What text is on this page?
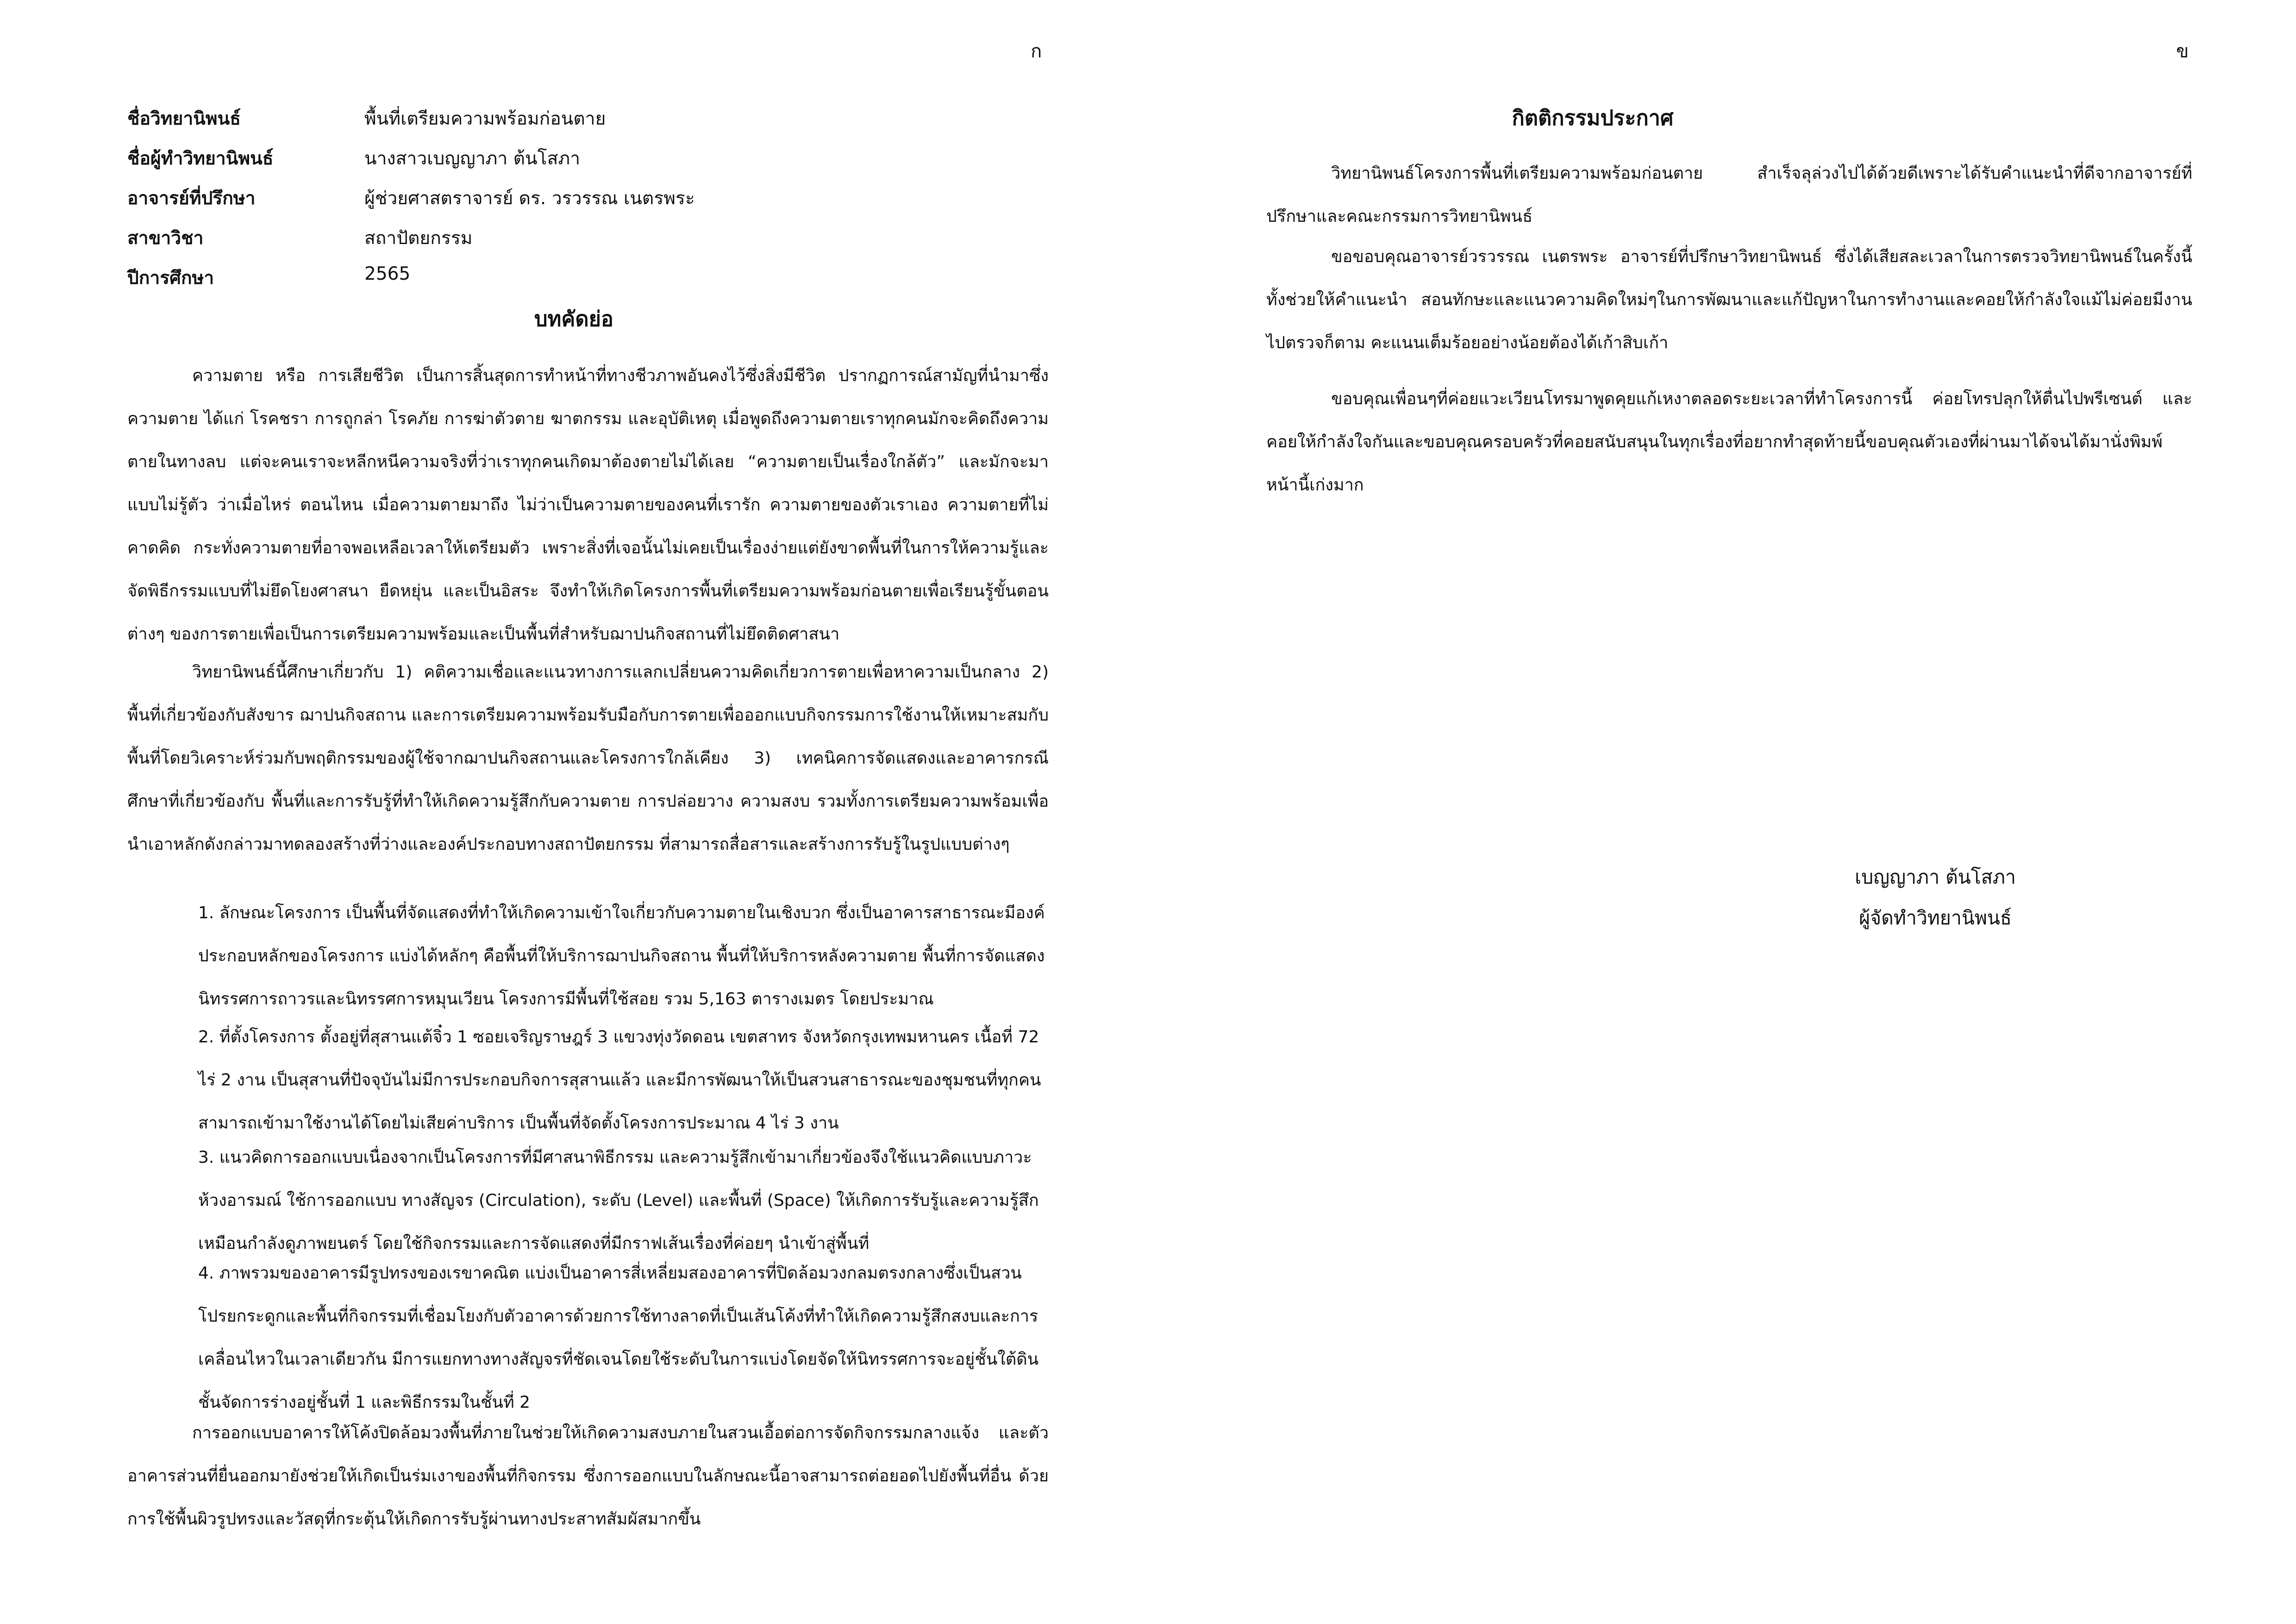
ก
ชื่อวิทยานิพนธ์	พื้นที่เตรียมความพร้อมก่อนตาย
ชื่อผู้ทำวิทยานิพนธ์	นางสาวเบญญาภา ต้นโสภา
อาจารย์ที่ปรึกษา	ผู้ช่วยศาสตราจารย์ ดร. วรวรรณ เนตรพระ
สาขาวิชา	สถาปัตยกรรม
ปีการศึกษา	2565
บทคัดย่อ

ความตาย หรือ การเสียชีวิต เป็นการสิ้นสุดการทำหน้าที่ทางชีวภาพอันคงไว้ซึ่งสิ่งมีชีวิต ปรากฏการณ์สามัญที่นำมาซึ่งความตาย ได้แก่ โรคชรา การถูกล่า โรคภัย การฆ่าตัวตาย ฆาตกรรม และอุบัติเหตุ เมื่อพูดถึงความตายเราทุกคนมักจะคิดถึงความตายในทางลบ แต่จะคนเราจะหลีกหนีความจริงที่ว่าเราทุกคนเกิดมาต้องตายไม่ได้เลย “ความตายเป็นเรื่องใกล้ตัว” และมักจะมาแบบไม่รู้ตัว ว่าเมื่อไหร่ ตอนไหน เมื่อความตายมาถึง ไม่ว่าเป็นความตายของคนที่เรารัก ความตายของตัวเราเอง ความตายที่ไม่คาดคิด กระทั่งความตายที่อาจพอเหลือเวลาให้เตรียมตัว เพราะสิ่งที่เจอนั้นไม่เคยเป็นเรื่องง่ายแต่ยังขาดพื้นที่ในการให้ความรู้และจัดพิธีกรรมแบบที่ไม่ยึดโยงศาสนา ยืดหยุ่น และเป็นอิสระ จึงทำให้เกิดโครงการพื้นที่เตรียมความพร้อมก่อนตายเพื่อเรียนรู้ขั้นตอนต่างๆ ของการตายเพื่อเป็นการเตรียมความพร้อมและเป็นพื้นที่สำหรับฌาปนกิจสถานที่ไม่ยึดติดศาสนา

วิทยานิพนธ์นี้ศึกษาเกี่ยวกับ 1) คติความเชื่อและแนวทางการแลกเปลี่ยนความคิดเกี่ยวการตายเพื่อหาความเป็นกลาง 2) พื้นที่เกี่ยวข้องกับสังขาร ฌาปนกิจสถาน และการเตรียมความพร้อมรับมือกับการตายเพื่อออกแบบกิจกรรมการใช้งานให้เหมาะสมกับพื้นที่โดยวิเคราะห์ร่วมกับพฤติกรรมของผู้ใช้จากฌาปนกิจสถานและโครงการใกล้เคียง 3) เทคนิคการจัดแสดงและอาคารกรณีศึกษาที่เกี่ยวข้องกับ พื้นที่และการรับรู้ที่ทำให้เกิดความรู้สึกกับความตาย การปล่อยวาง ความสงบ รวมทั้งการเตรียมความพร้อมเพื่อนำเอาหลักดังกล่าวมาทดลองสร้างที่ว่างและองค์ประกอบทางสถาปัตยกรรม ที่สามารถสื่อสารและสร้างการรับรู้ในรูปแบบต่างๆ

1. ลักษณะโครงการ เป็นพื้นที่จัดแสดงที่ทำให้เกิดความเข้าใจเกี่ยวกับความตายในเชิงบวก ซึ่งเป็นอาคารสาธารณะมีองค์ประกอบหลักของโครงการ แบ่งได้หลักๆ คือพื้นที่ให้บริการฌาปนกิจสถาน พื้นที่ให้บริการหลังความตาย พื้นที่การจัดแสดงนิทรรศการถาวรและนิทรรศการหมุนเวียน โครงการมีพื้นที่ใช้สอย รวม 5,163 ตารางเมตร โดยประมาณ
2. ที่ตั้งโครงการ ตั้งอยู่ที่สุสานแต้จิ๋ว 1 ซอยเจริญราษฎร์ 3 แขวงทุ่งวัดดอน เขตสาทร จังหวัดกรุงเทพมหานคร เนื้อที่ 72 ไร่ 2 งาน เป็นสุสานที่ปัจจุบันไม่มีการประกอบกิจการสุสานแล้ว และมีการพัฒนาให้เป็นสวนสาธารณะของชุมชนที่ทุกคนสามารถเข้ามาใช้งานได้โดยไม่เสียค่าบริการ เป็นพื้นที่จัดตั้งโครงการประมาณ 4 ไร่ 3 งาน
3. แนวคิดการออกแบบเนื่องจากเป็นโครงการที่มีศาสนาพิธีกรรม และความรู้สึกเข้ามาเกี่ยวข้องจึงใช้แนวคิดแบบภาวะห้วงอารมณ์ ใช้การออกแบบ ทางสัญจร (Circulation), ระดับ (Level) และพื้นที่ (Space) ให้เกิดการรับรู้และความรู้สึกเหมือนกำลังดูภาพยนตร์ โดยใช้กิจกรรมและการจัดแสดงที่มีกราฟเส้นเรื่องที่ค่อยๆ นำเข้าสู่พื้นที่
4. ภาพรวมของอาคารมีรูปทรงของเรขาคณิต แบ่งเป็นอาคารสี่เหลี่ยมสองอาคารที่ปิดล้อมวงกลมตรงกลางซึ่งเป็นสวนโปรยกระดูกและพื้นที่กิจกรรมที่เชื่อมโยงกับตัวอาคารด้วยการใช้ทางลาดที่เป็นเส้นโค้งที่ทำให้เกิดความรู้สึกสงบและการเคลื่อนไหวในเวลาเดียวกัน มีการแยกทางทางสัญจรที่ชัดเจนโดยใช้ระดับในการแบ่งโดยจัดให้นิทรรศการจะอยู่ชั้นใต้ดิน ชั้นจัดการร่างอยู่ชั้นที่ 1 และพิธีกรรมในชั้นที่ 2

การออกแบบอาคารให้โค้งปิดล้อมวงพื้นที่ภายในช่วยให้เกิดความสงบภายในสวนเอื้อต่อการจัดกิจกรรมกลางแจ้ง และตัวอาคารส่วนที่ยื่นออกมายังช่วยให้เกิดเป็นร่มเงาของพื้นที่กิจกรรม ซึ่งการออกแบบในลักษณะนี้อาจสามารถต่อยอดไปยังพื้นที่อื่น ด้วยการใช้พื้นผิวรูปทรงและวัสดุที่กระตุ้นให้เกิดการรับรู้ผ่านทางประสาทสัมผัสมากขึ้น

ข
กิตติกรรมประกาศ

วิทยานิพนธ์โครงการพื้นที่เตรียมความพร้อมก่อนตาย สำเร็จลุล่วงไปได้ด้วยดีเพราะได้รับคำแนะนำที่ดีจากอาจารย์ที่ปรึกษาและคณะกรรมการวิทยานิพนธ์

ขอขอบคุณอาจารย์วรวรรณ เนตรพระ อาจารย์ที่ปรึกษาวิทยานิพนธ์ ซึ่งได้เสียสละเวลาในการตรวจวิทยานิพนธ์ในครั้งนี้ ทั้งช่วยให้คำแนะนำ สอนทักษะและแนวความคิดใหม่ๆในการพัฒนาและแก้ปัญหาในการทำงานและคอยให้กำลังใจแม้ไม่ค่อยมีงานไปตรวจก็ตาม คะแนนเต็มร้อยอย่างน้อยต้องได้เก้าสิบเก้า

ขอบคุณเพื่อนๆที่ค่อยแวะเวียนโทรมาพูดคุยแก้เหงาตลอดระยะเวลาที่ทำโครงการนี้ ค่อยโทรปลุกให้ตื่นไปพรีเซนต์ และคอยให้กำลังใจกันและขอบคุณครอบครัวที่คอยสนับสนุนในทุกเรื่องที่อยากทำสุดท้ายนี้ขอบคุณตัวเองที่ผ่านมาได้จนได้มานั่งพิมพ์หน้านี้เก่งมาก

เบญญาภา ต้นโสภา
ผู้จัดทำวิทยานิพนธ์
